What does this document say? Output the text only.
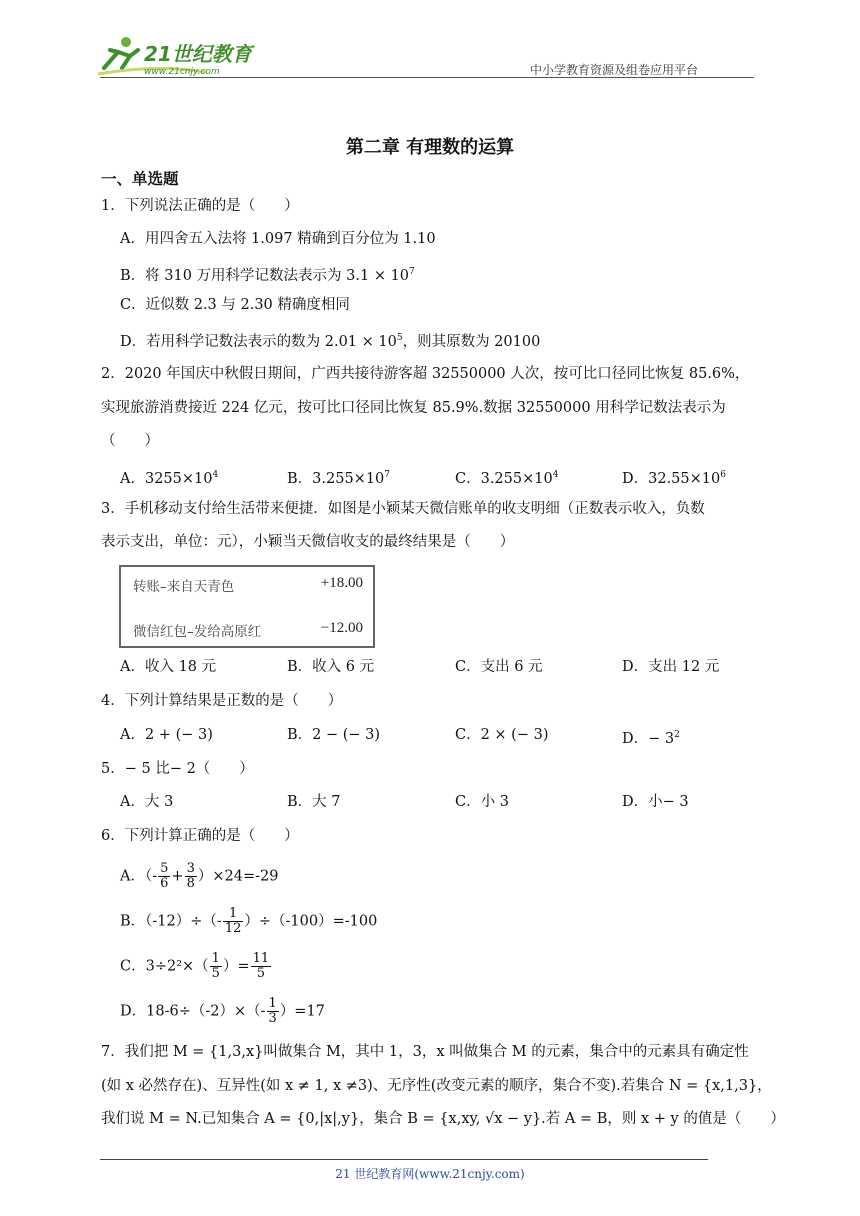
21世纪教育
www.21cnjy.com	中小学教育资源及组卷应用平台
第二章 有理数的运算
一、单选题
1．下列说法正确的是（　　）
A．用四舍五入法将 1.097 精确到百分位为 1.10
B．将 310 万用科学记数法表示为 $3.1 \times 10^7$
C．近似数 2.3 与 2.30 精确度相同
D．若用科学记数法表示的数为 $2.01 \times 10^5$，则其原数为 20100
2．2020 年国庆中秋假日期间，广西共接待游客超 32550000 人次，按可比口径同比恢复 85.6%，
实现旅游消费接近 224 亿元，按可比口径同比恢复 85.9%.数据 32550000 用科学记数法表示为
（　　）
A．$3255\times 10^4$	B．$3.255\times 10^7$	C．$3.255\times 10^4$	D．$32.55\times 10^6$
3．手机移动支付给生活带来便捷．如图是小颖某天微信账单的收支明细（正数表示收入，负数
表示支出，单位：元），小颖当天微信收支的最终结果是（　　）
转账–来自天青色	+18.00
微信红包–发给高原红	−12.00
A．收入 18 元	B．收入 6 元	C．支出 6 元	D．支出 12 元
4．下列计算结果是正数的是（　　）
A．2 + (− 3)	B．2 − (− 3)	C．2 × (− 3)	D．− $3^2$
5．− 5 比− 2（　　）
A．大 3	B．大 7	C．小 3	D．小− 3
6．下列计算正确的是（　　）
A．（- $\frac{5}{6} + \frac{3}{8} )\times 24=-29$
B．$(-12)\div(- \frac{1}{12} )\div(-100)=-100$
C．$3\div 2^2\times( \frac{1}{5}$ ）= $\frac{11}{5}$
D．$18-6\div(-2)\times(- \frac{1}{3} )=17$
7．我们把 M = {1,3,x}叫做集合 M，其中 1，3，x 叫做集合 M 的元素，集合中的元素具有确定性
(如 x 必然存在)、互异性(如 x ≠ 1, x ≠3)、无序性(改变元素的顺序，集合不变).若集合 N = {x,1,3}，
我们说 M = N.已知集合 A = {0,|x|,y}，集合 B = {x,xy, √x − y}.若 A = B，则 x + y 的值是（　　）
21 世纪教育网(www.21cnjy.com)
